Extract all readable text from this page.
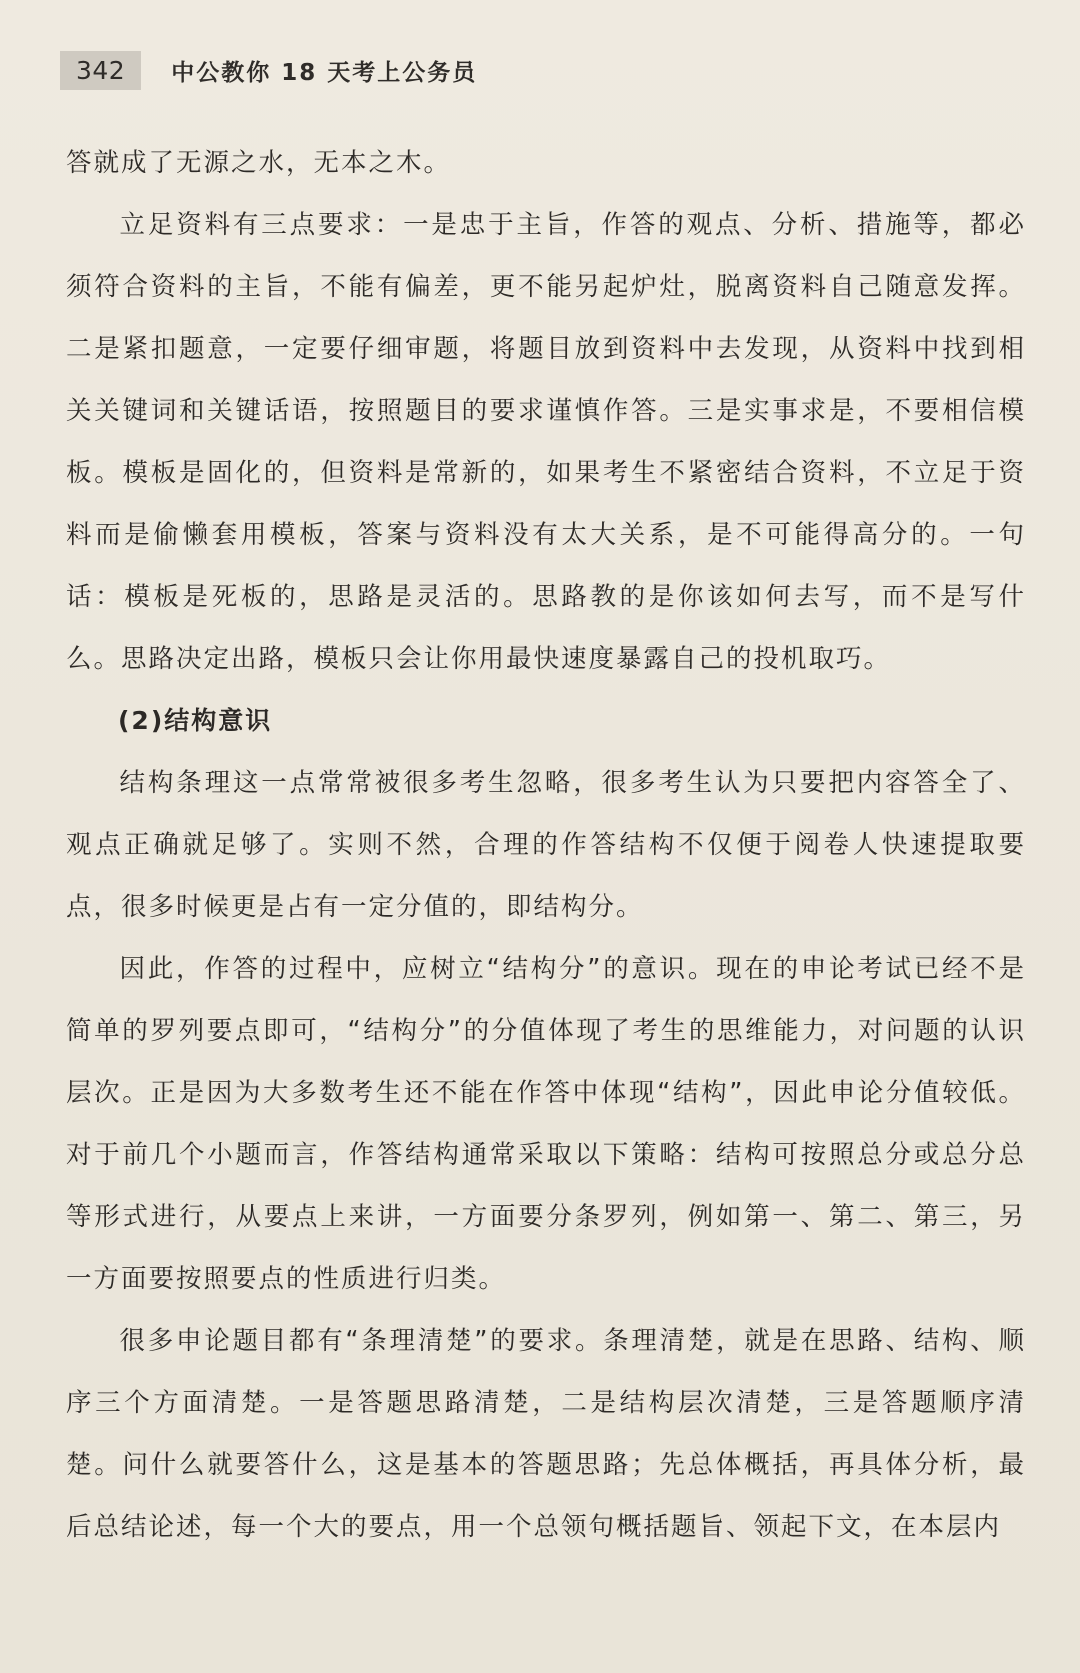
342	中公教你 18 天考上公务员

答就成了无源之水，无本之木。

立足资料有三点要求：一是忠于主旨，作答的观点、分析、措施等，都必须符合资料的主旨，不能有偏差，更不能另起炉灶，脱离资料自己随意发挥。二是紧扣题意，一定要仔细审题，将题目放到资料中去发现，从资料中找到相关关键词和关键话语，按照题目的要求谨慎作答。三是实事求是，不要相信模板。模板是固化的，但资料是常新的，如果考生不紧密结合资料，不立足于资料而是偷懒套用模板，答案与资料没有太大关系，是不可能得高分的。一句话：模板是死板的，思路是灵活的。思路教的是你该如何去写，而不是写什么。思路决定出路，模板只会让你用最快速度暴露自己的投机取巧。

(2)结构意识

结构条理这一点常常被很多考生忽略，很多考生认为只要把内容答全了、观点正确就足够了。实则不然，合理的作答结构不仅便于阅卷人快速提取要点，很多时候更是占有一定分值的，即结构分。

因此，作答的过程中，应树立“结构分”的意识。现在的申论考试已经不是简单的罗列要点即可，“结构分”的分值体现了考生的思维能力，对问题的认识层次。正是因为大多数考生还不能在作答中体现“结构”，因此申论分值较低。对于前几个小题而言，作答结构通常采取以下策略：结构可按照总分或总分总等形式进行，从要点上来讲，一方面要分条罗列，例如第一、第二、第三，另一方面要按照要点的性质进行归类。

很多申论题目都有“条理清楚”的要求。条理清楚，就是在思路、结构、顺序三个方面清楚。一是答题思路清楚，二是结构层次清楚，三是答题顺序清楚。问什么就要答什么，这是基本的答题思路；先总体概括，再具体分析，最后总结论述，每一个大的要点，用一个总领句概括题旨、领起下文，在本层内
